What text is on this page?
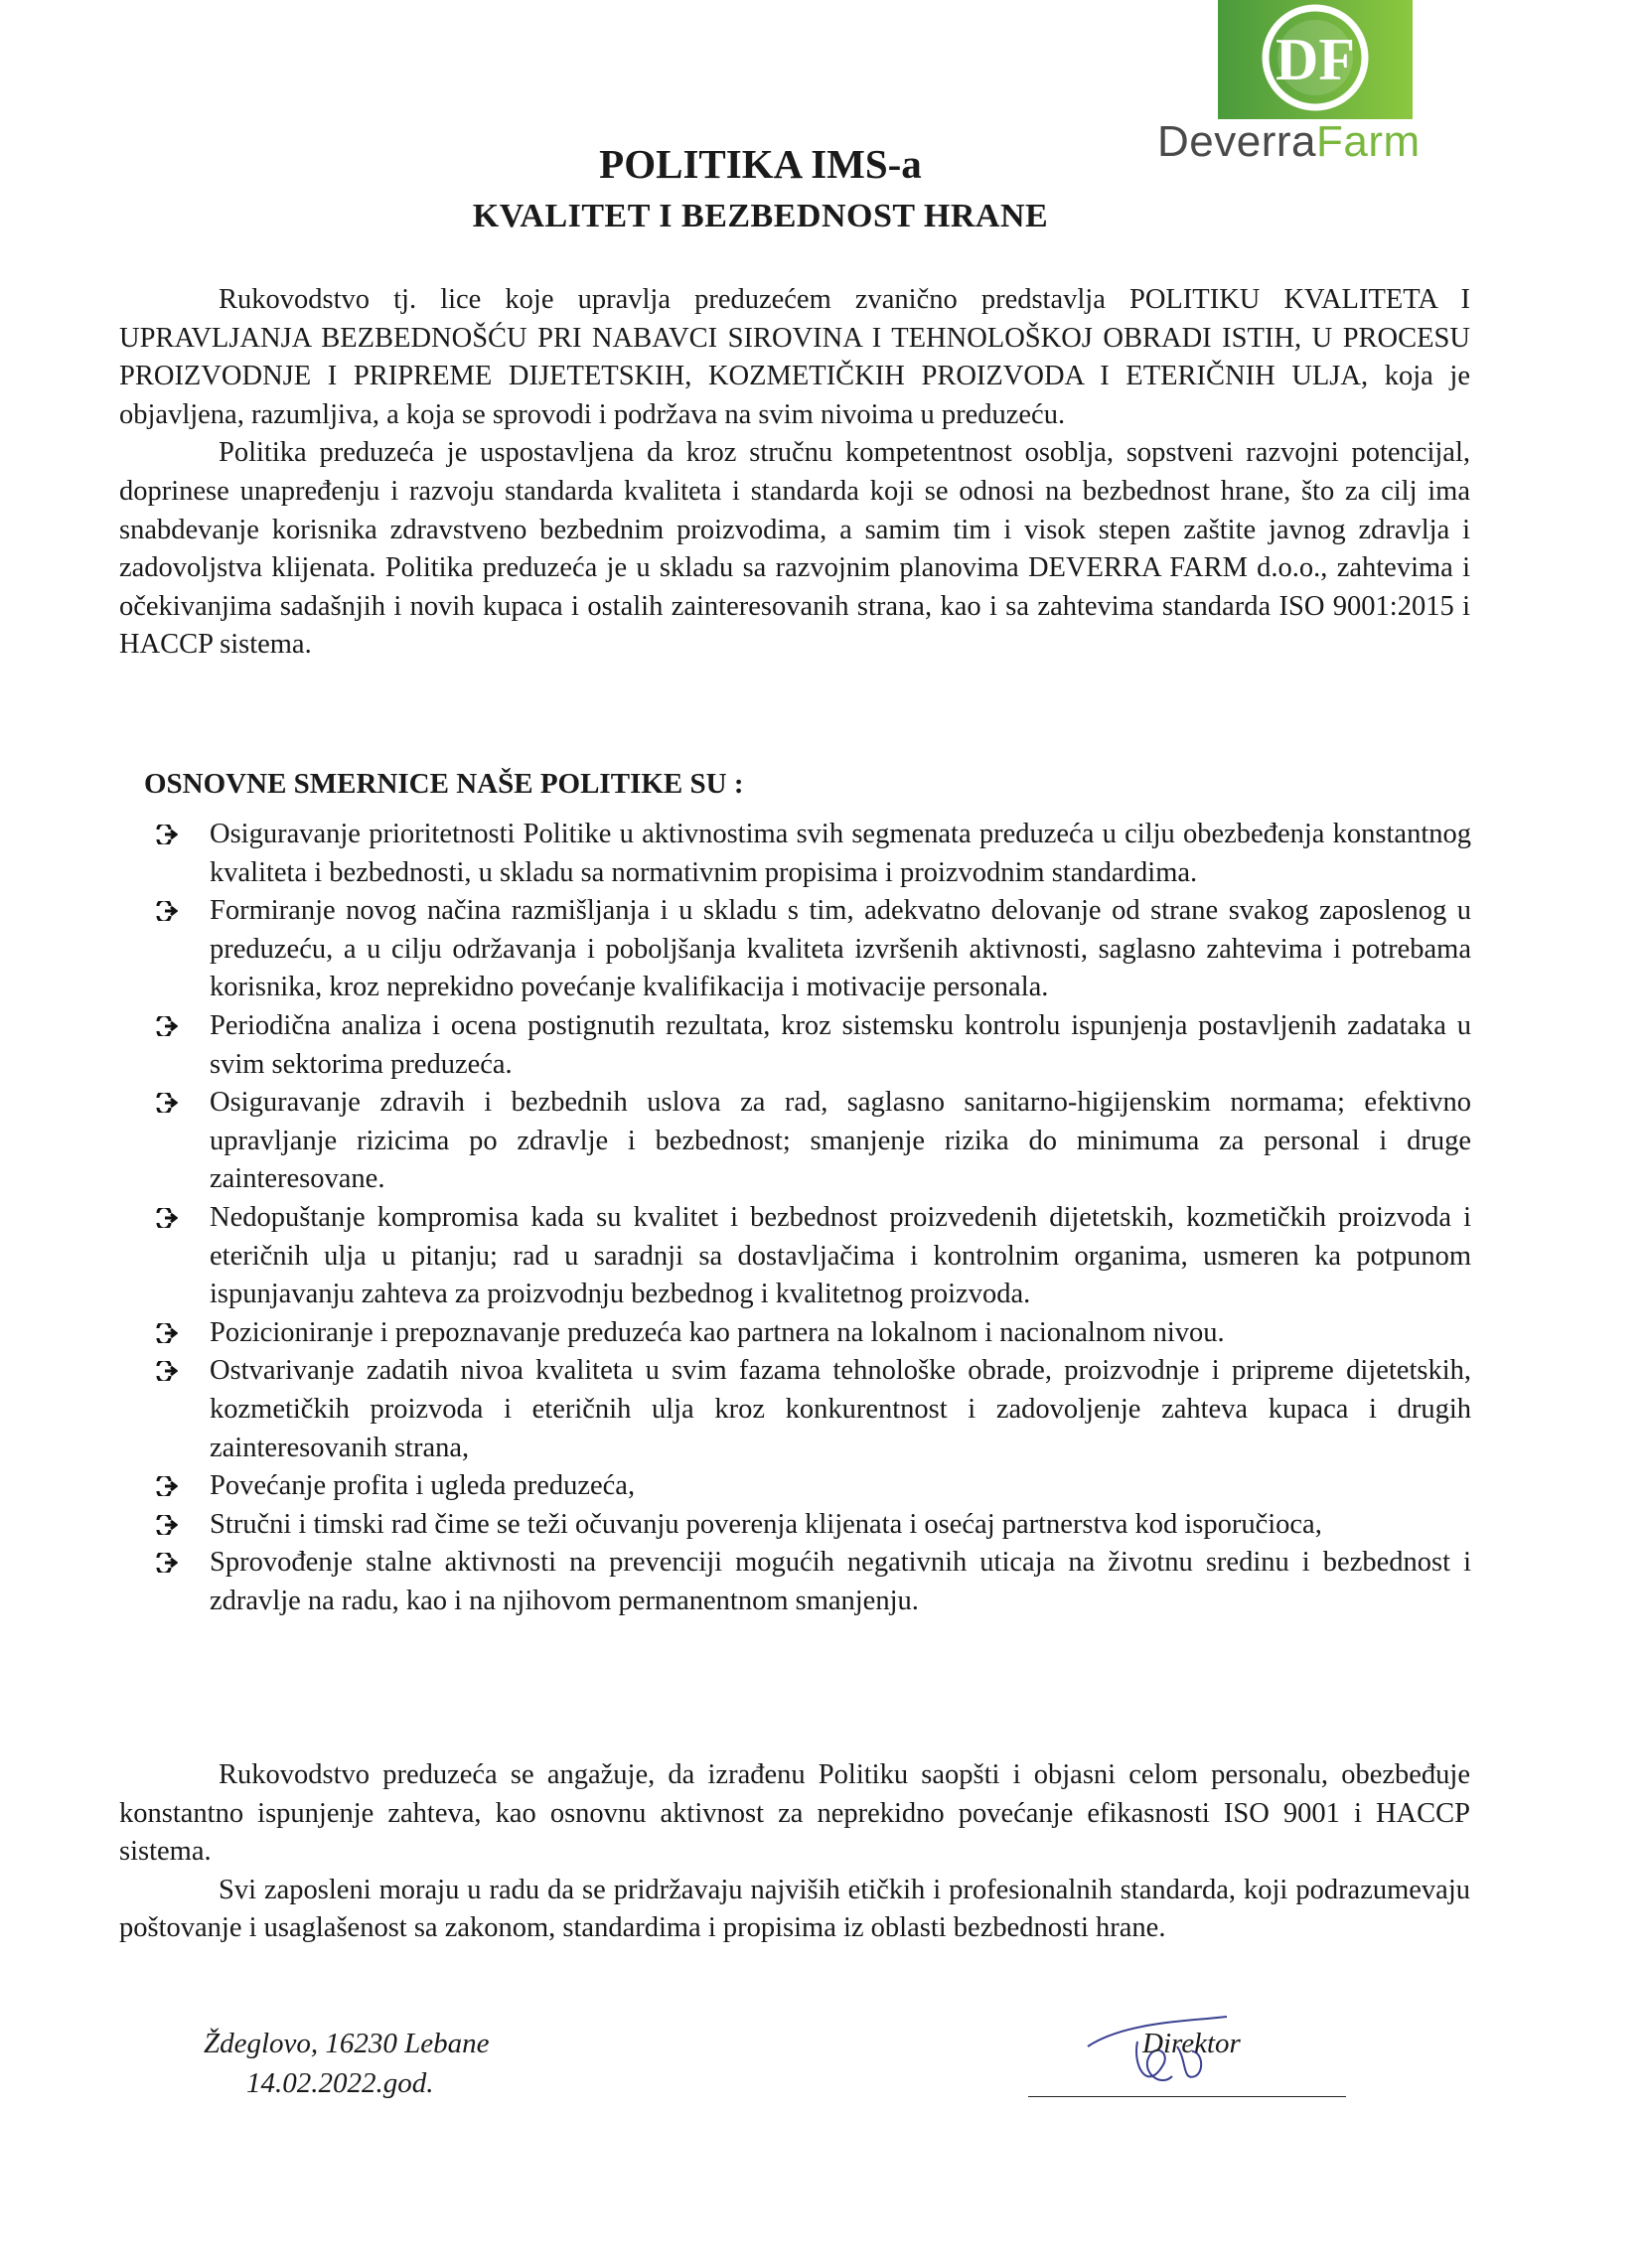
DF
DeverraFarm
POLITIKA IMS-a
KVALITET I BEZBEDNOST HRANE

Rukovodstvo tj. lice koje upravlja preduzećem zvanično predstavlja POLITIKU KVALITETA I UPRAVLJANJA BEZBEDNOŠĆU PRI NABAVCI SIROVINA I TEHNOLOŠKOJ OBRADI ISTIH, U PROCESU PROIZVODNJE I PRIPREME DIJETETSKIH, KOZMETIČKIH PROIZVODA I ETERIČNIH ULJA, koja je objavljena, razumljiva, a koja se sprovodi i podržava na svim nivoima u preduzeću.

Politika preduzeća je uspostavljena da kroz stručnu kompetentnost osoblja, sopstveni razvojni potencijal, doprinese unapređenju i razvoju standarda kvaliteta i standarda koji se odnosi na bezbednost hrane, što za cilj ima snabdevanje korisnika zdravstveno bezbednim proizvodima, a samim tim i visok stepen zaštite javnog zdravlja i zadovoljstva klijenata. Politika preduzeća je u skladu sa razvojnim planovima DEVERRA FARM d.o.o., zahtevima i očekivanjima sadašnjih i novih kupaca i ostalih zainteresovanih strana, kao i sa zahtevima standarda ISO 9001:2015 i HACCP sistema.

OSNOVNE SMERNICE NAŠE POLITIKE SU :
Osiguravanje prioritetnosti Politike u aktivnostima svih segmenata preduzeća u cilju obezbeđenja konstantnog kvaliteta i bezbednosti, u skladu sa normativnim propisima i proizvodnim standardima.
Formiranje novog načina razmišljanja i u skladu s tim, adekvatno delovanje od strane svakog zaposlenog u preduzeću, a u cilju održavanja i poboljšanja kvaliteta izvršenih aktivnosti, saglasno zahtevima i potrebama korisnika, kroz neprekidno povećanje kvalifikacija i motivacije personala.
Periodična analiza i ocena postignutih rezultata, kroz sistemsku kontrolu ispunjenja postavljenih zadataka u svim sektorima preduzeća.
Osiguravanje zdravih i bezbednih uslova za rad, saglasno sanitarno-higijenskim normama; efektivno upravljanje rizicima po zdravlje i bezbednost; smanjenje rizika do minimuma za personal i druge zainteresovane.
Nedopuštanje kompromisa kada su kvalitet i bezbednost proizvedenih dijetetskih, kozmetičkih proizvoda i eteričnih ulja u pitanju; rad u saradnji sa dostavljačima i kontrolnim organima, usmeren ka potpunom ispunjavanju zahteva za proizvodnju bezbednog i kvalitetnog proizvoda.
Pozicioniranje i prepoznavanje preduzeća kao partnera na lokalnom i nacionalnom nivou.
Ostvarivanje zadatih nivoa kvaliteta u svim fazama tehnološke obrade, proizvodnje i pripreme dijetetskih, kozmetičkih proizvoda i eteričnih ulja kroz konkurentnost i zadovoljenje zahteva kupaca i drugih zainteresovanih strana,
Povećanje profita i ugleda preduzeća,
Stručni i timski rad čime se teži očuvanju poverenja klijenata i osećaj partnerstva kod isporučioca,
Sprovođenje stalne aktivnosti na prevenciji mogućih negativnih uticaja na životnu sredinu i bezbednost i zdravlje na radu, kao i na njihovom permanentnom smanjenju.

Rukovodstvo preduzeća se angažuje, da izrađenu Politiku saopšti i objasni celom personalu, obezbeđuje konstantno ispunjenje zahteva, kao osnovnu aktivnost za neprekidno povećanje efikasnosti ISO 9001 i HACCP sistema.

Svi zaposleni moraju u radu da se pridržavaju najviših etičkih i profesionalnih standarda, koji podrazumevaju poštovanje i usaglašenost sa zakonom, standardima i propisima iz oblasti bezbednosti hrane.

Ždeglovo, 16230 Lebane
14.02.2022.god.
Direktor
